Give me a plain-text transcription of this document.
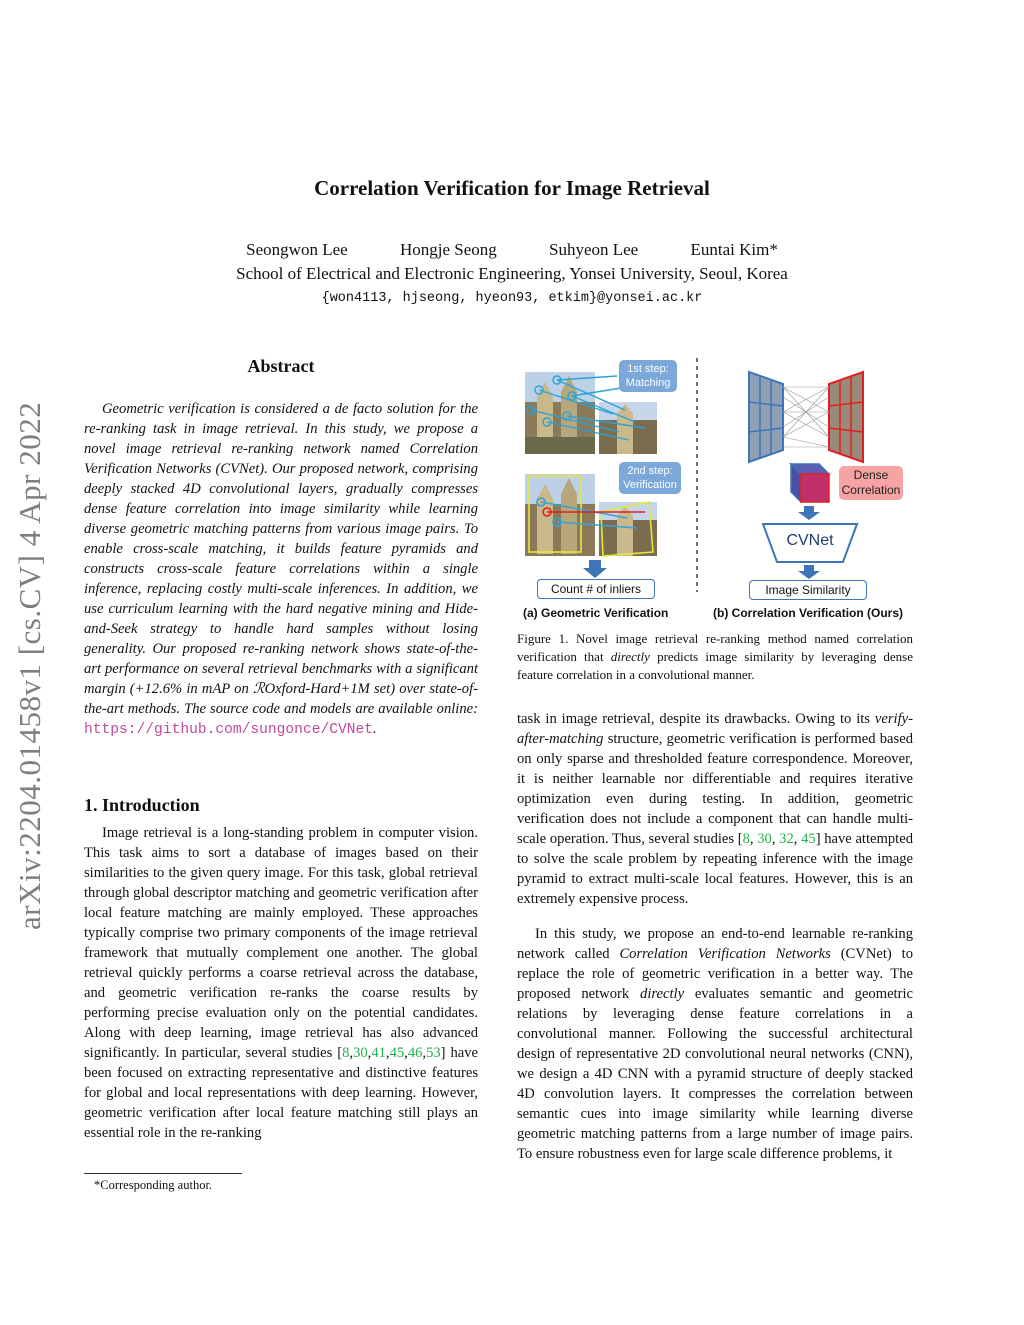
Correlation Verification for Image Retrieval
Seongwon Lee	Hongje Seong	Suhyeon Lee	Euntai Kim*
School of Electrical and Electronic Engineering, Yonsei University, Seoul, Korea
{won4113, hjseong, hyeon93, etkim}@yonsei.ac.kr
arXiv:2204.01458v1 [cs.CV] 4 Apr 2022
Abstract

Geometric verification is considered a de facto solution for the re-ranking task in image retrieval. In this study, we propose a novel image retrieval re-ranking network named Correlation Verification Networks (CVNet). Our proposed network, comprising deeply stacked 4D convolutional layers, gradually compresses dense feature correlation into image similarity while learning diverse geometric matching patterns from various image pairs. To enable cross-scale matching, it builds feature pyramids and constructs cross-scale feature correlations within a single inference, replacing costly multi-scale inferences. In addition, we use curriculum learning with the hard negative mining and Hide-and-Seek strategy to handle hard samples without losing generality. Our proposed re-ranking network shows state-of-the-art performance on several retrieval benchmarks with a significant margin (+12.6% in mAP on ℛOxford-Hard+1M set) over state-of-the-art methods. The source code and models are available online: https://github.com/sungonce/CVNet.

1. Introduction

Image retrieval is a long-standing problem in computer vision. This task aims to sort a database of images based on their similarities to the given query image. For this task, global retrieval through global descriptor matching and geometric verification after local feature matching are mainly employed. These approaches typically comprise two primary components of the image retrieval framework that mutually complement one another. The global retrieval quickly performs a coarse retrieval across the database, and geometric verification re-ranks the coarse results by performing precise evaluation only on the potential candidates. Along with deep learning, image retrieval has also advanced significantly. In particular, several studies [8,30,41,45,46,53] have been focused on extracting representative and distinctive features for global and local representations with deep learning. However, geometric verification after local feature matching still plays an essential role in the re-ranking

*Corresponding author.
1st step:
Matching
2nd step:
Verification
Dense
Correlation
CVNet
Count # of inliers	Image Similarity
(a) Geometric Verification	(b) Correlation Verification (Ours)

Figure 1. Novel image retrieval re-ranking method named correlation verification that directly predicts image similarity by leveraging dense feature correlation in a convolutional manner.

task in image retrieval, despite its drawbacks. Owing to its verify-after-matching structure, geometric verification is performed based on only sparse and thresholded feature correspondence. Moreover, it is neither learnable nor differentiable and requires iterative optimization even during testing. In addition, geometric verification does not include a component that can handle multi-scale operation. Thus, several studies [8, 30, 32, 45] have attempted to solve the scale problem by repeating inference with the image pyramid to extract multi-scale local features. However, this is an extremely expensive process.

In this study, we propose an end-to-end learnable re-ranking network called Correlation Verification Networks (CVNet) to replace the role of geometric verification in a better way. The proposed network directly evaluates semantic and geometric relations by leveraging dense feature correlations in a convolutional manner. Following the successful architectural design of representative 2D convolutional neural networks (CNN), we design a 4D CNN with a pyramid structure of deeply stacked 4D convolution layers. It compresses the correlation between semantic cues into image similarity while learning diverse geometric matching patterns from a large number of image pairs. To ensure robustness even for large scale difference problems, it
